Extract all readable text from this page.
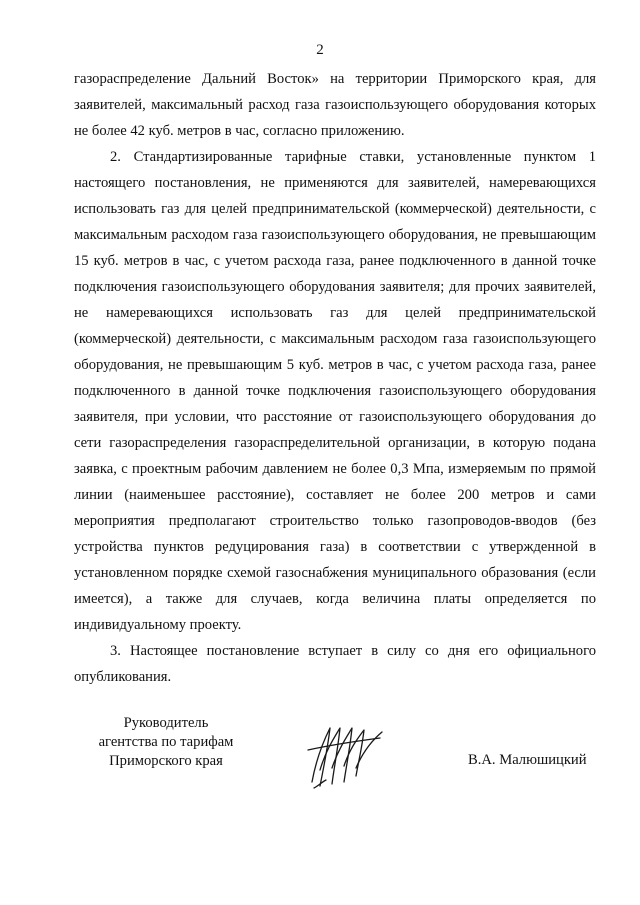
2

газораспределение Дальний Восток» на территории Приморского края, для заявителей, максимальный расход газа газоиспользующего оборудования которых не более 42 куб. метров в час, согласно приложению.

2. Стандартизированные тарифные ставки, установленные пунктом 1 настоящего постановления, не применяются для заявителей, намеревающихся использовать газ для целей предпринимательской (коммерческой) деятельности, с максимальным расходом газа газоиспользующего оборудования, не превышающим 15 куб. метров в час, с учетом расхода газа, ранее подключенного в данной точке подключения газоиспользующего оборудования заявителя; для прочих заявителей, не намеревающихся использовать газ для целей предпринимательской (коммерческой) деятельности, с максимальным расходом газа газоиспользующего оборудования, не превышающим 5 куб. метров в час, с учетом расхода газа, ранее подключенного в данной точке подключения газоиспользующего оборудования заявителя, при условии, что расстояние от газоиспользующего оборудования до сети газораспределения газораспределительной организации, в которую подана заявка, с проектным рабочим давлением не более 0,3 Мпа, измеряемым по прямой линии (наименьшее расстояние), составляет не более 200 метров и сами мероприятия предполагают строительство только газопроводов-вводов (без устройства пунктов редуцирования газа) в соответствии с утвержденной в установленном порядке схемой газоснабжения муниципального образования (если имеется), а также для случаев, когда величина платы определяется по индивидуальному проекту.

3. Настоящее постановление вступает в силу со дня его официального опубликования.

Руководитель
агентства по тарифам
Приморского края	В.А. Малюшицкий
